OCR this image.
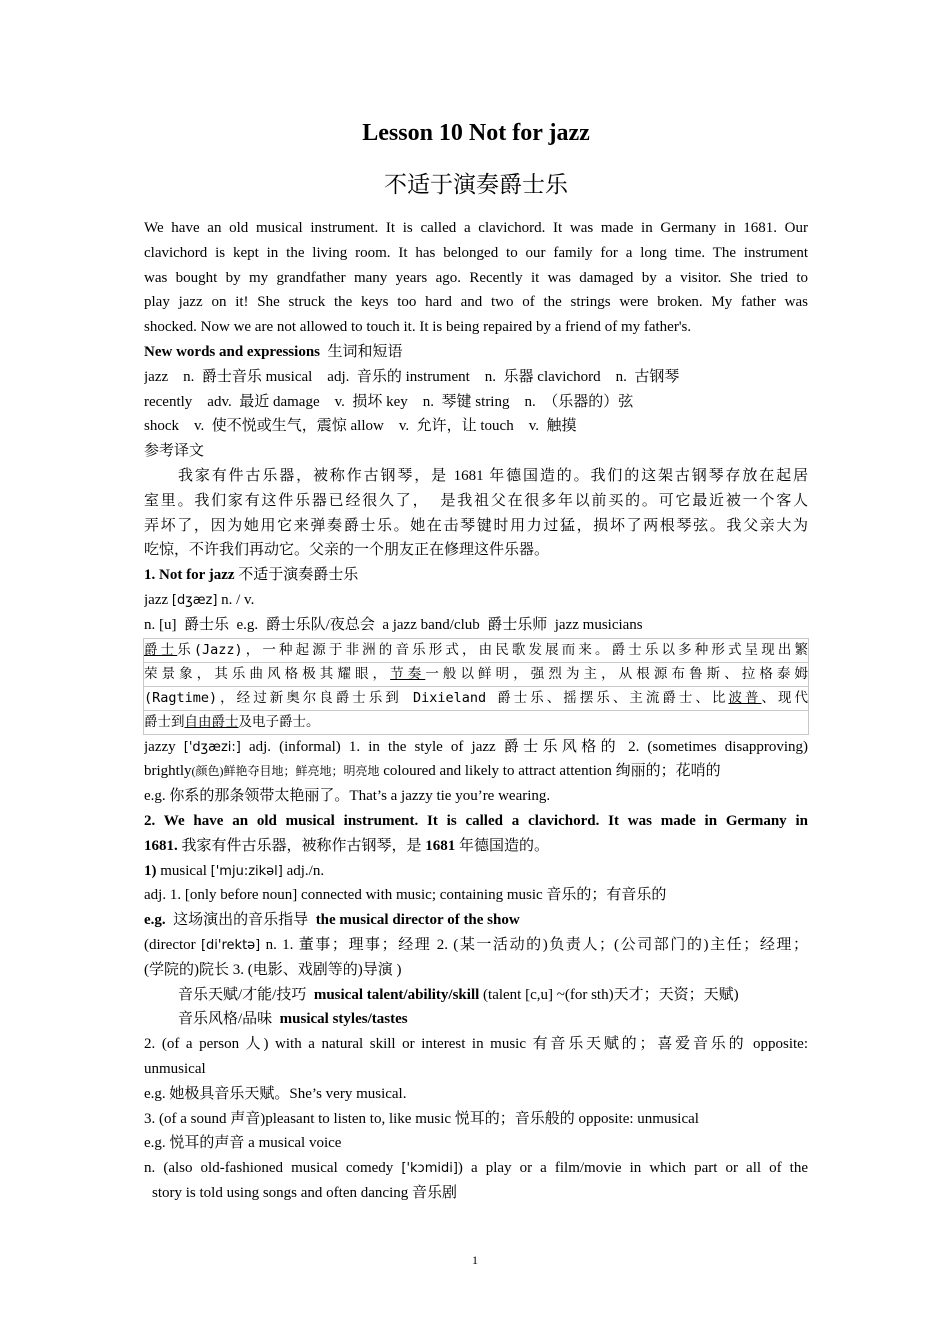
Lesson 10 Not for jazz
不适于演奏爵士乐
We have an old musical instrument. It is called a clavichord. It was made in Germany in 1681. Our
clavichord is kept in the living room. It has belonged to our family for a long time. The instrument
was bought by my grandfather many years ago. Recently it was damaged by a visitor. She tried to
play jazz on it! She struck the keys too hard and two of the strings were broken. My father was
shocked. Now we are not allowed to touch it. It is being repaired by a friend of my father's.
New words and expressions 生词和短语
jazz    n.  爵士音乐 musical    adj.  音乐的 instrument    n.  乐器 clavichord    n.  古钢琴
recently    adv.  最近 damage    v.  损坏 key    n.  琴键 string    n.  （乐器的）弦
shock    v.  使不悦或生气，震惊 allow    v.  允许，让 touch    v.  触摸
参考译文
我家有件古乐器，被称作古钢琴，是 1681 年德国造的。我们的这架古钢琴存放在起居
室里。我们家有这件乐器已经很久了，  是我祖父在很多年以前买的。可它最近被一个客人
弄坏了，因为她用它来弹奏爵士乐。她在击琴键时用力过猛，损坏了两根琴弦。我父亲大为
吃惊，不许我们再动它。父亲的一个朋友正在修理这件乐器。
1. Not for jazz 不适于演奏爵士乐
jazz [dʒæz] n. / v.
n. [u]  爵士乐  e.g.  爵士乐队/夜总会  a jazz band/club  爵士乐师  jazz musicians
爵士乐(Jazz)，一种起源于非洲的音乐形式，由民歌发展而来。爵士乐以多种形式呈现出繁
荣景象，其乐曲风格极其耀眼，节奏一般以鲜明，强烈为主，从根源布鲁斯、拉格泰姆
(Ragtime)，经过新奥尔良爵士乐到 Dixieland 爵士乐、摇摆乐、主流爵士、比波普、现代
爵士到自由爵士及电子爵士。
jazzy ['dʒæzi:] adj. (informal) 1. in the style of jazz 爵士乐风格的 2. (sometimes disapproving)
brightly(颜色)鲜艳夺目地；鲜亮地；明亮地 coloured and likely to attract attention 绚丽的；花哨的
e.g. 你系的那条领带太艳丽了。That’s a jazzy tie you’re wearing.
2. We have an old musical instrument. It is called a clavichord. It was made in Germany in
1681. 我家有件古乐器，被称作古钢琴，是 1681 年德国造的。
1) musical ['mju:zikəl] adj./n.
adj. 1. [only before noun] connected with music; containing music 音乐的；有音乐的
e.g.  这场演出的音乐指导  the musical director of the show
(director [di'rektə] n. 1. 董事；理事；经理 2. (某一活动的)负责人；(公司部门的)主任；经理；
(学院的)院长 3. (电影、戏剧等的)导演 )
音乐天赋/才能/技巧  musical talent/ability/skill (talent [c,u] ~(for sth)天才；天资；天赋)
音乐风格/品味  musical styles/tastes
2. (of a person 人) with a natural skill or interest in music 有音乐天赋的；喜爱音乐的 opposite:
unmusical
e.g. 她极具音乐天赋。She’s very musical.
3. (of a sound 声音)pleasant to listen to, like music 悦耳的；音乐般的 opposite: unmusical
e.g. 悦耳的声音 a musical voice
n. (also old-fashioned musical comedy ['kɔmidi]) a play or a film/movie in which part or all of the
story is told using songs and often dancing 音乐剧
1
